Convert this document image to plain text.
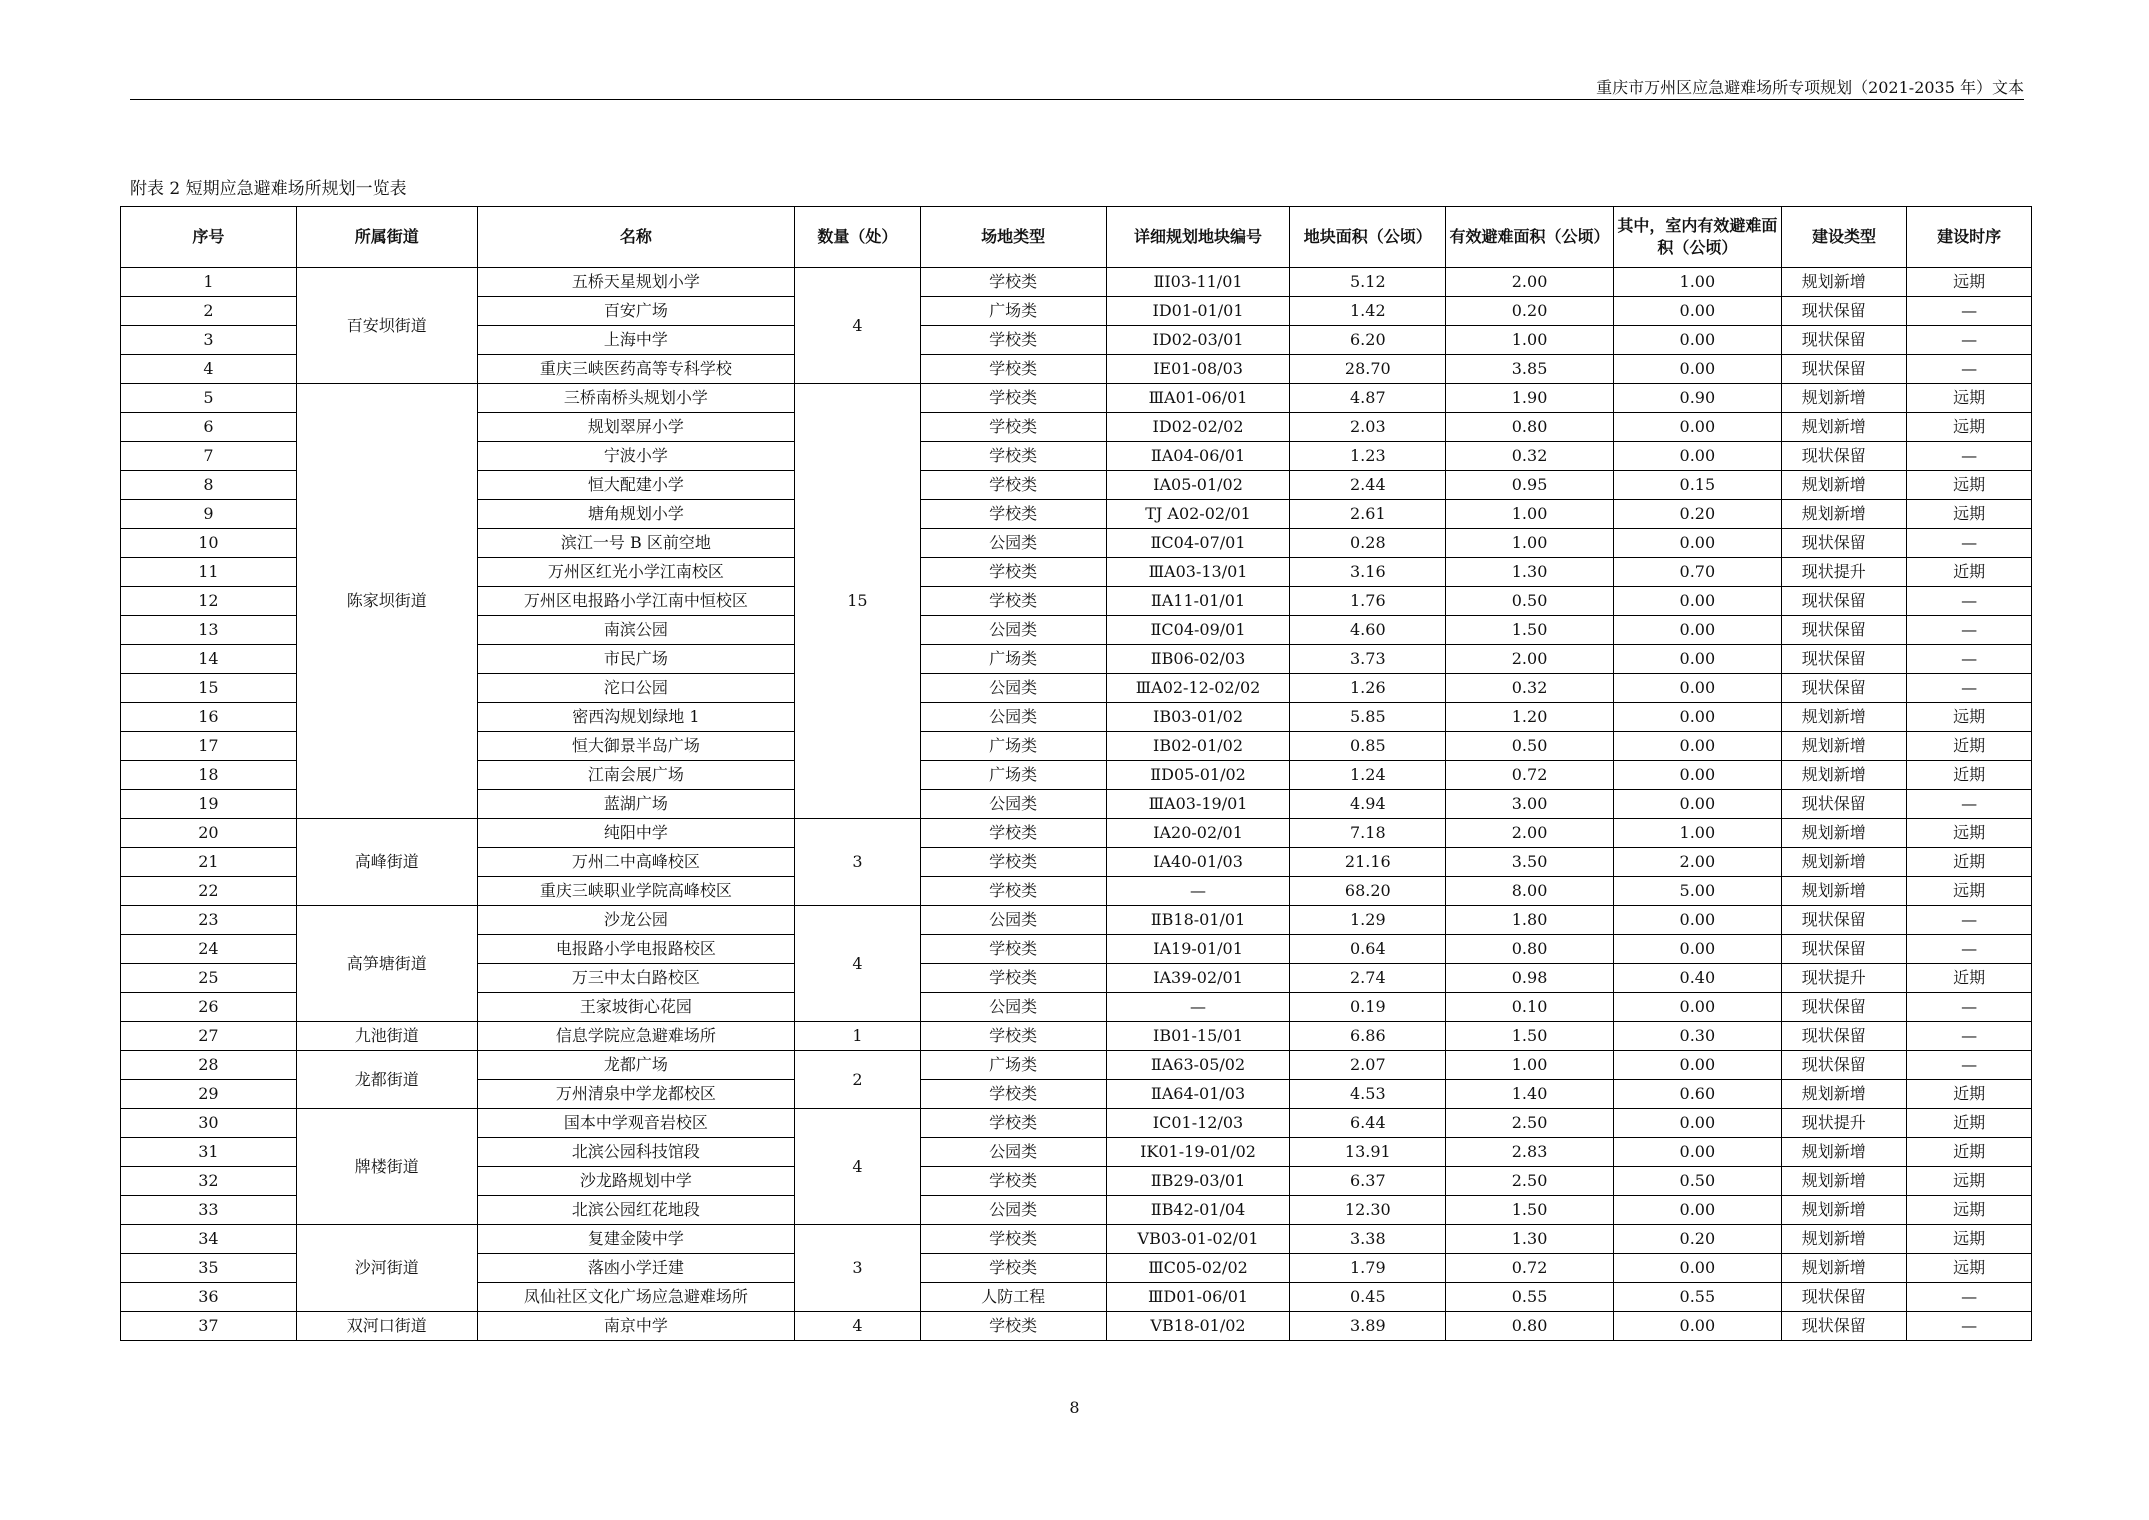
重庆市万州区应急避难场所专项规划（2021-2035 年）文本
附表 2 短期应急避难场所规划一览表
序号	所属街道	名称	数量（处）	场地类型	详细规划地块编号	地块面积（公顷）	有效避难面积（公顷）	其中，室内有效避难面积（公顷）	建设类型	建设时序
1	百安坝街道	五桥天星规划小学	4	学校类	ⅡI03-11/01	5.12	2.00	1.00	规划新增	远期
2		百安广场		广场类	ⅠD01-01/01	1.42	0.20	0.00	现状保留	—
3		上海中学		学校类	ⅠD02-03/01	6.20	1.00	0.00	现状保留	—
4		重庆三峡医药高等专科学校		学校类	ⅠE01-08/03	28.70	3.85	0.00	现状保留	—
5	陈家坝街道	三桥南桥头规划小学	15	学校类	ⅢA01-06/01	4.87	1.90	0.90	规划新增	远期
6		规划翠屏小学		学校类	ID02-02/02	2.03	0.80	0.00	规划新增	远期
7		宁波小学		学校类	ⅡA04-06/01	1.23	0.32	0.00	现状保留	—
8		恒大配建小学		学校类	IA05-01/02	2.44	0.95	0.15	规划新增	远期
9		塘角规划小学		学校类	TJ A02-02/01	2.61	1.00	0.20	规划新增	远期
10		滨江一号 B 区前空地		公园类	ⅡC04-07/01	0.28	1.00	0.00	现状保留	—
11		万州区红光小学江南校区		学校类	ⅢA03-13/01	3.16	1.30	0.70	现状提升	近期
12		万州区电报路小学江南中恒校区		学校类	ⅡA11-01/01	1.76	0.50	0.00	现状保留	—
13		南滨公园		公园类	ⅡC04-09/01	4.60	1.50	0.00	现状保留	—
14		市民广场		广场类	ⅡB06-02/03	3.73	2.00	0.00	现状保留	—
15		沱口公园		公园类	ⅢA02-12-02/02	1.26	0.32	0.00	现状保留	—
16		密西沟规划绿地 1		公园类	IB03-01/02	5.85	1.20	0.00	规划新增	远期
17		恒大御景半岛广场		广场类	IB02-01/02	0.85	0.50	0.00	规划新增	近期
18		江南会展广场		广场类	ⅡD05-01/02	1.24	0.72	0.00	规划新增	近期
19		蓝湖广场		公园类	ⅢA03-19/01	4.94	3.00	0.00	现状保留	—
20	高峰街道	纯阳中学	3	学校类	ⅠA20-02/01	7.18	2.00	1.00	规划新增	远期
21		万州二中高峰校区		学校类	ⅠA40-01/03	21.16	3.50	2.00	规划新增	近期
22		重庆三峡职业学院高峰校区		学校类	—	68.20	8.00	5.00	规划新增	远期
23	高笋塘街道	沙龙公园	4	公园类	ⅡB18-01/01	1.29	1.80	0.00	现状保留	—
24		电报路小学电报路校区		学校类	IA19-01/01	0.64	0.80	0.00	现状保留	—
25		万三中太白路校区		学校类	IA39-02/01	2.74	0.98	0.40	现状提升	近期
26		王家坡街心花园		公园类	—	0.19	0.10	0.00	现状保留	—
27	九池街道	信息学院应急避难场所	1	学校类	ⅠB01-15/01	6.86	1.50	0.30	现状保留	—
28	龙都街道	龙都广场	2	广场类	ⅡA63-05/02	2.07	1.00	0.00	现状保留	—
29		万州清泉中学龙都校区		学校类	ⅡA64-01/03	4.53	1.40	0.60	规划新增	近期
30	牌楼街道	国本中学观音岩校区	4	学校类	ⅠC01-12/03	6.44	2.50	0.00	现状提升	近期
31		北滨公园科技馆段		公园类	ⅠK01-19-01/02	13.91	2.83	0.00	规划新增	近期
32		沙龙路规划中学		学校类	ⅡB29-03/01	6.37	2.50	0.50	规划新增	远期
33		北滨公园红花地段		公园类	ⅡB42-01/04	12.30	1.50	0.00	规划新增	远期
34	沙河街道	复建金陵中学	3	学校类	VB03-01-02/01	3.38	1.30	0.20	规划新增	远期
35		落凼小学迁建		学校类	ⅢC05-02/02	1.79	0.72	0.00	规划新增	远期
36		凤仙社区文化广场应急避难场所		人防工程	ⅢD01-06/01	0.45	0.55	0.55	现状保留	—
37	双河口街道	南京中学	4	学校类	ⅤB18-01/02	3.89	0.80	0.00	现状保留	—
8
